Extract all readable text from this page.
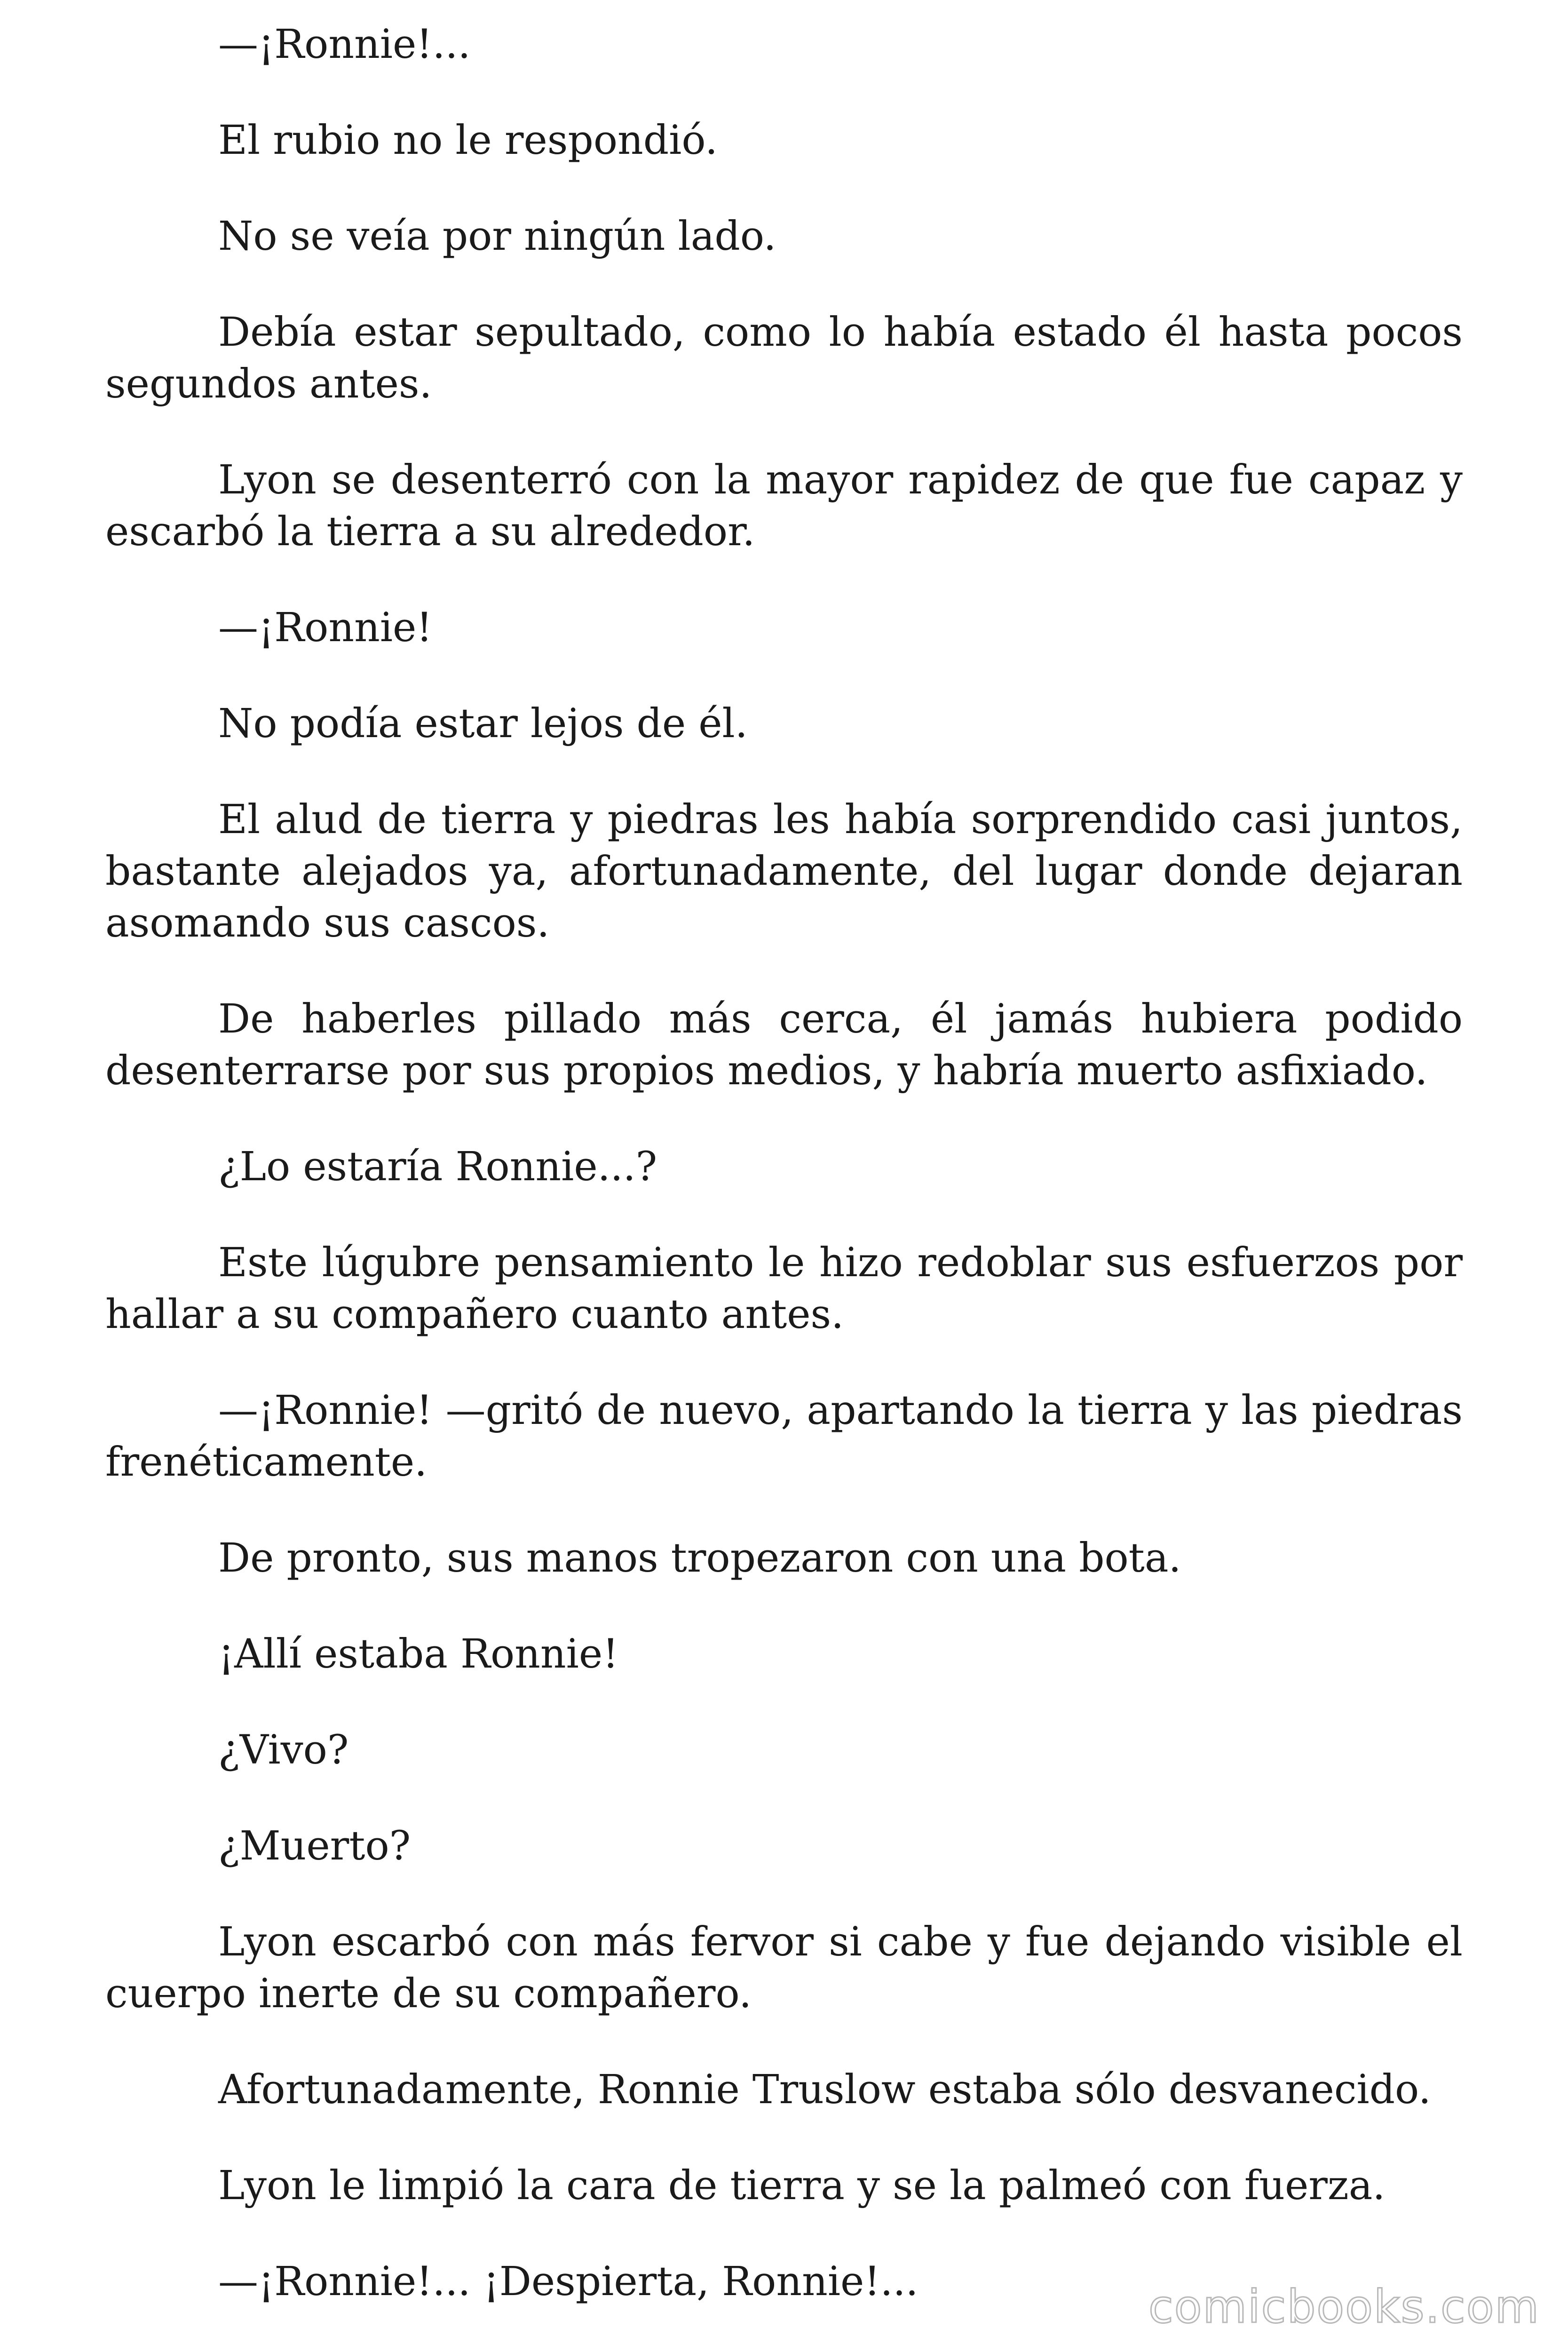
—¡Ronnie!...

El rubio no le respondió.

No se veía por ningún lado.

Debía estar sepultado, como lo había estado él hasta pocos segundos antes.

Lyon se desenterró con la mayor rapidez de que fue capaz y escarbó la tierra a su alrededor.

—¡Ronnie!

No podía estar lejos de él.

El alud de tierra y piedras les había sorprendido casi juntos, bastante alejados ya, afortunadamente, del lugar donde dejaran asomando sus cascos.

De haberles pillado más cerca, él jamás hubiera podido desenterrarse por sus propios medios, y habría muerto asfixiado.

¿Lo estaría Ronnie...?

Este lúgubre pensamiento le hizo redoblar sus esfuerzos por hallar a su compañero cuanto antes.

—¡Ronnie! —gritó de nuevo, apartando la tierra y las piedras frenéticamente.

De pronto, sus manos tropezaron con una bota.

¡Allí estaba Ronnie!

¿Vivo?

¿Muerto?

Lyon escarbó con más fervor si cabe y fue dejando visible el cuerpo inerte de su compañero.

Afortunadamente, Ronnie Truslow estaba sólo desvanecido.

Lyon le limpió la cara de tierra y se la palmeó con fuerza.

—¡Ronnie!... ¡Despierta, Ronnie!...	comicbooks.com
